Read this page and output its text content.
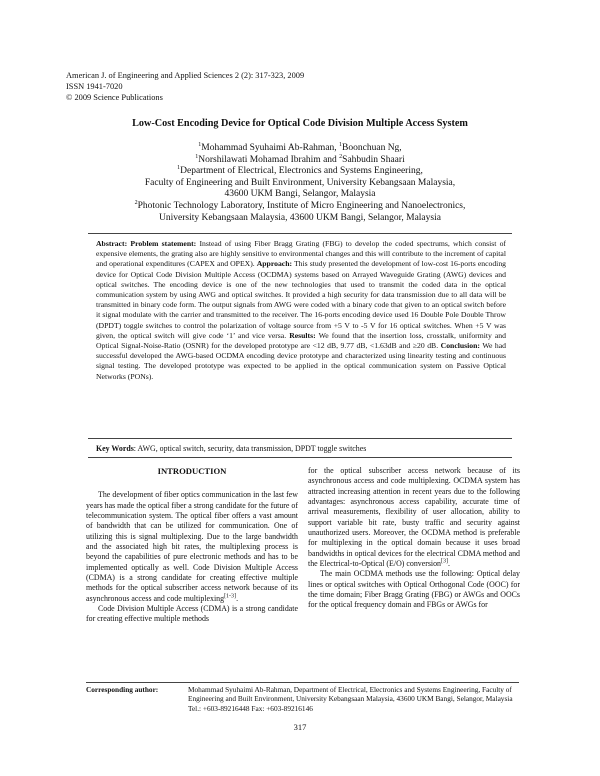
American J. of Engineering and Applied Sciences 2 (2): 317-323, 2009
ISSN 1941-7020
© 2009 Science Publications
Low-Cost Encoding Device for Optical Code Division Multiple Access System
$^1$Mohammad Syuhaimi Ab-Rahman, $^1$Boonchuan Ng,
$^1$Norshilawati Mohamad Ibrahim and $^2$Sahbudin Shaari
$^1$Department of Electrical, Electronics and Systems Engineering,
Faculty of Engineering and Built Environment, University Kebangsaan Malaysia,
43600 UKM Bangi, Selangor, Malaysia
$^2$Photonic Technology Laboratory, Institute of Micro Engineering and Nanoelectronics,
University Kebangsaan Malaysia, 43600 UKM Bangi, Selangor, Malaysia
Abstract: Problem statement: Instead of using Fiber Bragg Grating (FBG) to develop the coded spectrums, which consist of expensive elements, the grating also are highly sensitive to environmental changes and this will contribute to the increment of capital and operational expenditures (CAPEX and OPEX). Approach: This study presented the development of low-cost 16-ports encoding device for Optical Code Division Multiple Access (OCDMA) systems based on Arrayed Waveguide Grating (AWG) devices and optical switches. The encoding device is one of the new technologies that used to transmit the coded data in the optical communication system by using AWG and optical switches. It provided a high security for data transmission due to all data will be transmitted in binary code form. The output signals from AWG were coded with a binary code that given to an optical switch before it signal modulate with the carrier and transmitted to the receiver. The 16-ports encoding device used 16 Double Pole Double Throw (DPDT) toggle switches to control the polarization of voltage source from +5 V to -5 V for 16 optical switches. When +5 V was given, the optical switch will give code ‘1’ and vice versa. Results: We found that the insertion loss, crosstalk, uniformity and Optical Signal-Noise-Ratio (OSNR) for the developed prototype are <12 dB, 9.77 dB, <1.63dB and ≥20 dB. Conclusion: We had successful developed the AWG-based OCDMA encoding device prototype and characterized using linearity testing and continuous signal testing. The developed prototype was expected to be applied in the optical communication system on Passive Optical Networks (PONs).
Key Words: AWG, optical switch, security, data transmission, DPDT toggle switches
INTRODUCTION

The development of fiber optics communication in the last few years has made the optical fiber a strong candidate for the future of telecommunication system. The optical fiber offers a vast amount of bandwidth that can be utilized for communication. One of utilizing this is signal multiplexing. Due to the large bandwidth and the associated high bit rates, the multiplexing process is beyond the capabilities of pure electronic methods and has to be implemented optically as well. Code Division Multiple Access (CDMA) is a strong candidate for creating effective multiple methods for the optical subscriber access network because of its asynchronous access and code multiplexing[1-3].

Code Division Multiple Access (CDMA) is a strong candidate for creating effective multiple methods

for the optical subscriber access network because of its asynchronous access and code multiplexing. OCDMA system has attracted increasing attention in recent years due to the following advantages: asynchronous access capability, accurate time of arrival measurements, flexibility of user allocation, ability to support variable bit rate, busty traffic and security against unauthorized users. Moreover, the OCDMA method is preferable for multiplexing in the optical domain because it uses broad bandwidths in optical devices for the electrical CDMA method and the Electrical-to-Optical (E/O) conversion[3].

The main OCDMA methods use the following: Optical delay lines or optical switches with Optical Orthogonal Code (OOC) for the time domain; Fiber Bragg Grating (FBG) or AWGs and OOCs for the optical frequency domain and FBGs or AWGs for

Corresponding author:	Mohammad Syuhaimi Ab-Rahman, Department of Electrical, Electronics and Systems Engineering, Faculty of Engineering and Built Environment, University Kebangsaan Malaysia, 43600 UKM Bangi, Selangor, Malaysia Tel.: +603-89216448 Fax: +603-89216146
317
